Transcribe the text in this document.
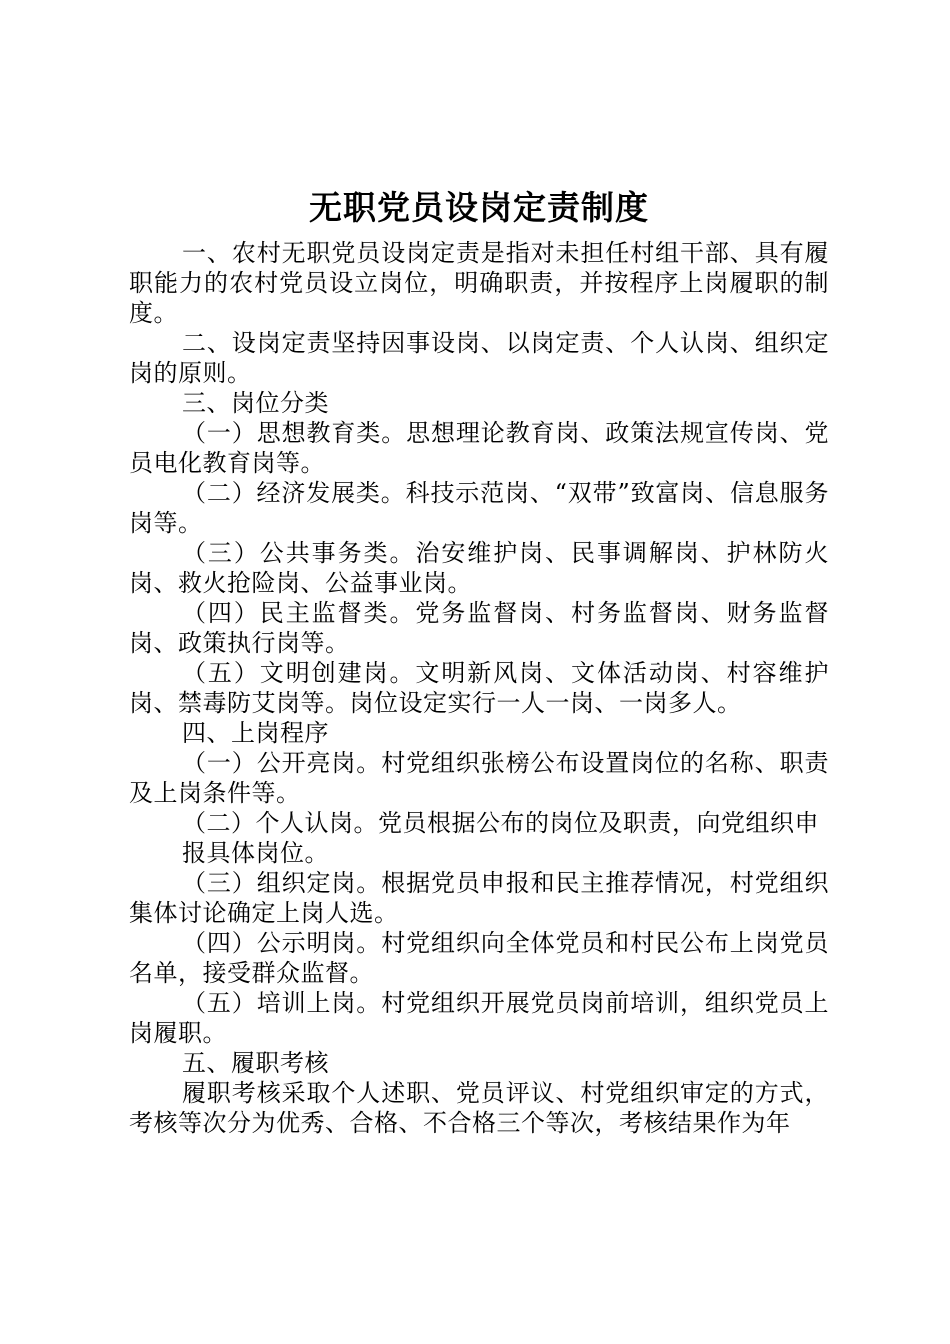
无职党员设岗定责制度

一、农村无职党员设岗定责是指对未担任村组干部、具有履职能力的农村党员设立岗位，明确职责，并按程序上岗履职的制度。

二、设岗定责坚持因事设岗、以岗定责、个人认岗、组织定岗的原则。

三、岗位分类

（一）思想教育类。思想理论教育岗、政策法规宣传岗、党员电化教育岗等。

（二）经济发展类。科技示范岗、“双带”致富岗、信息服务岗等。

（三）公共事务类。治安维护岗、民事调解岗、护林防火岗、救火抢险岗、公益事业岗。

（四）民主监督类。党务监督岗、村务监督岗、财务监督岗、政策执行岗等。

（五）文明创建岗。文明新风岗、文体活动岗、村容维护岗、禁毒防艾岗等。岗位设定实行一人一岗、一岗多人。

四、上岗程序

（一）公开亮岗。村党组织张榜公布设置岗位的名称、职责及上岗条件等。

（二）个人认岗。党员根据公布的岗位及职责，向党组织申

报具体岗位。

（三）组织定岗。根据党员申报和民主推荐情况，村党组织集体讨论确定上岗人选。

（四）公示明岗。村党组织向全体党员和村民公布上岗党员名单，接受群众监督。

（五）培训上岗。村党组织开展党员岗前培训，组织党员上岗履职。

五、履职考核

履职考核采取个人述职、党员评议、村党组织审定的方式，考核等次分为优秀、合格、不合格三个等次，考核结果作为年
